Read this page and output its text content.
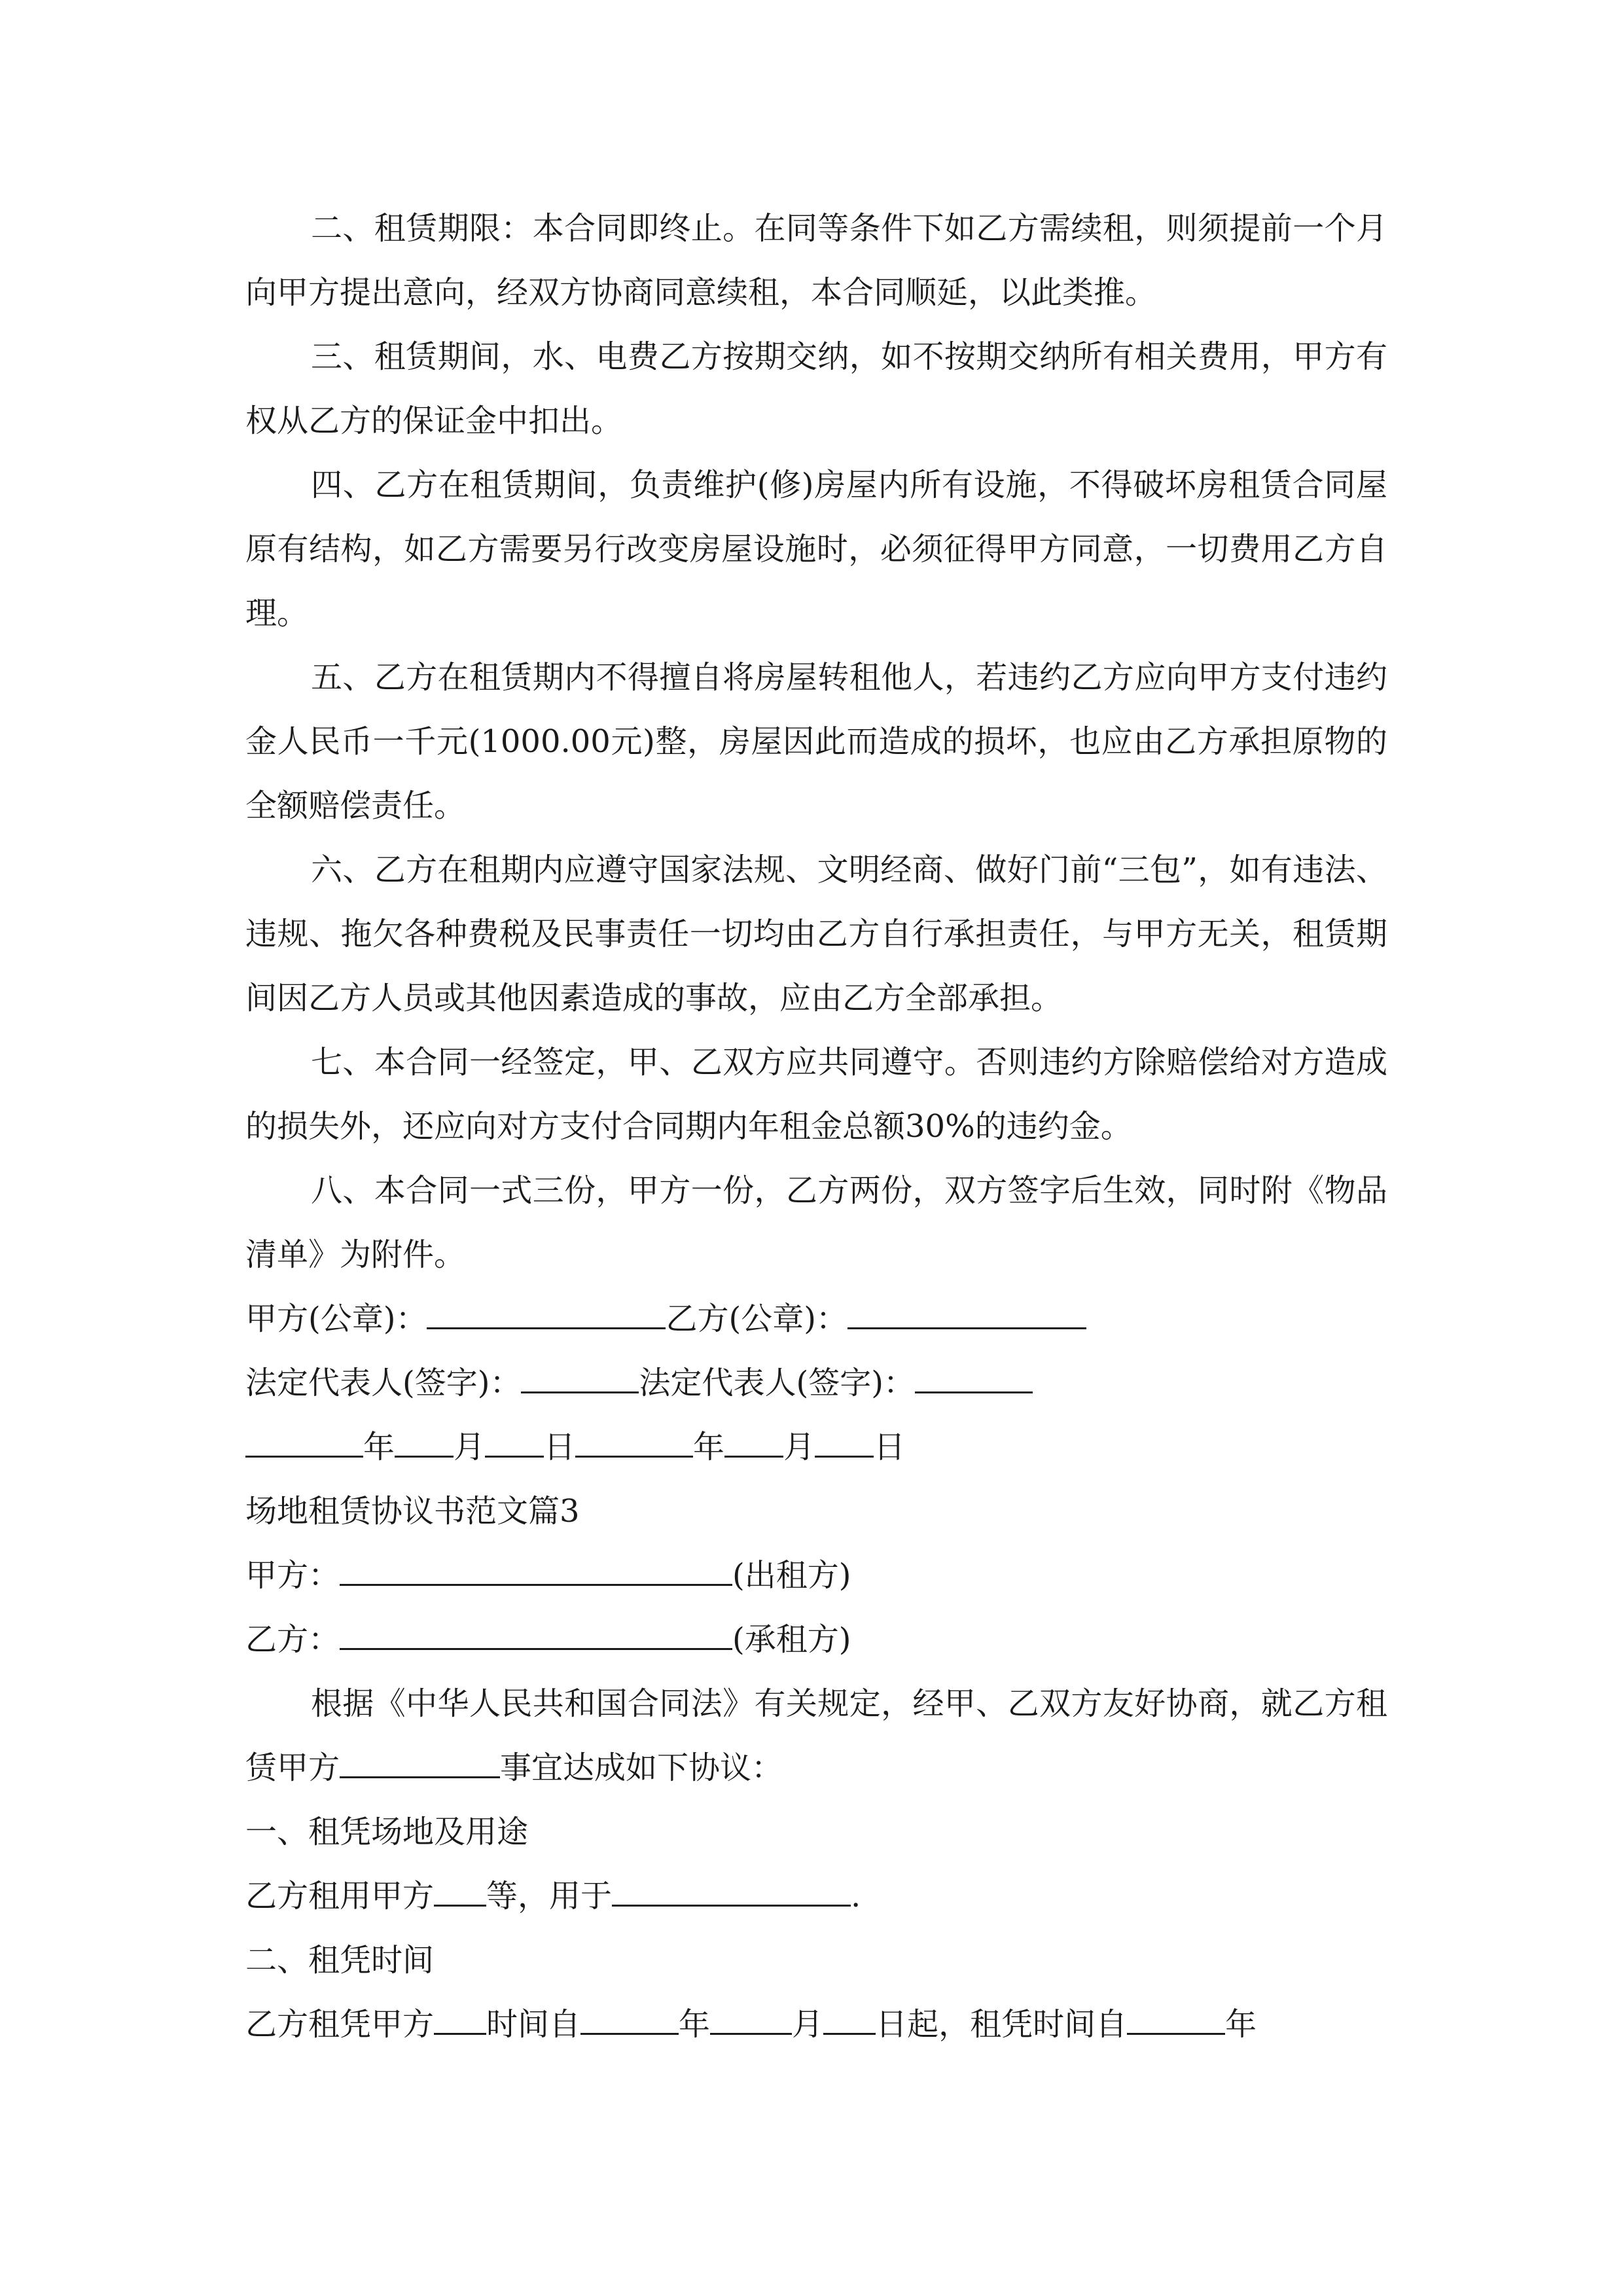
二、租赁期限：本合同即终止。在同等条件下如乙方需续租，则须提前一个月向甲方提出意向，经双方协商同意续租，本合同顺延，以此类推。

三、租赁期间，水、电费乙方按期交纳，如不按期交纳所有相关费用，甲方有权从乙方的保证金中扣出。

四、乙方在租赁期间，负责维护(修)房屋内所有设施，不得破坏房租赁合同屋原有结构，如乙方需要另行改变房屋设施时，必须征得甲方同意，一切费用乙方自理。

五、乙方在租赁期内不得擅自将房屋转租他人，若违约乙方应向甲方支付违约金人民币一千元(1000.00元)整，房屋因此而造成的损坏，也应由乙方承担原物的全额赔偿责任。

六、乙方在租期内应遵守国家法规、文明经商、做好门前“三包”，如有违法、违规、拖欠各种费税及民事责任一切均由乙方自行承担责任，与甲方无关，租赁期间因乙方人员或其他因素造成的事故，应由乙方全部承担。

七、本合同一经签定，甲、乙双方应共同遵守。否则违约方除赔偿给对方造成的损失外，还应向对方支付合同期内年租金总额30%的违约金。

八、本合同一式三份，甲方一份，乙方两份，双方签字后生效，同时附《物品清单》为附件。

甲方(公章)：	乙方(公章)：

法定代表人(签字)：	法定代表人(签字)：

年 月 日	年 月 日

场地租赁协议书范文篇3

甲方：	(出租方)

乙方：	(承租方)

根据《中华人民共和国合同法》有关规定，经甲、乙双方友好协商，就乙方租赁甲方	事宜达成如下协议：

一、租凭场地及用途

乙方租用甲方 等，用于	.

二、租凭时间

乙方租凭甲方 时间自	年	月 日起，租凭时间自	年
